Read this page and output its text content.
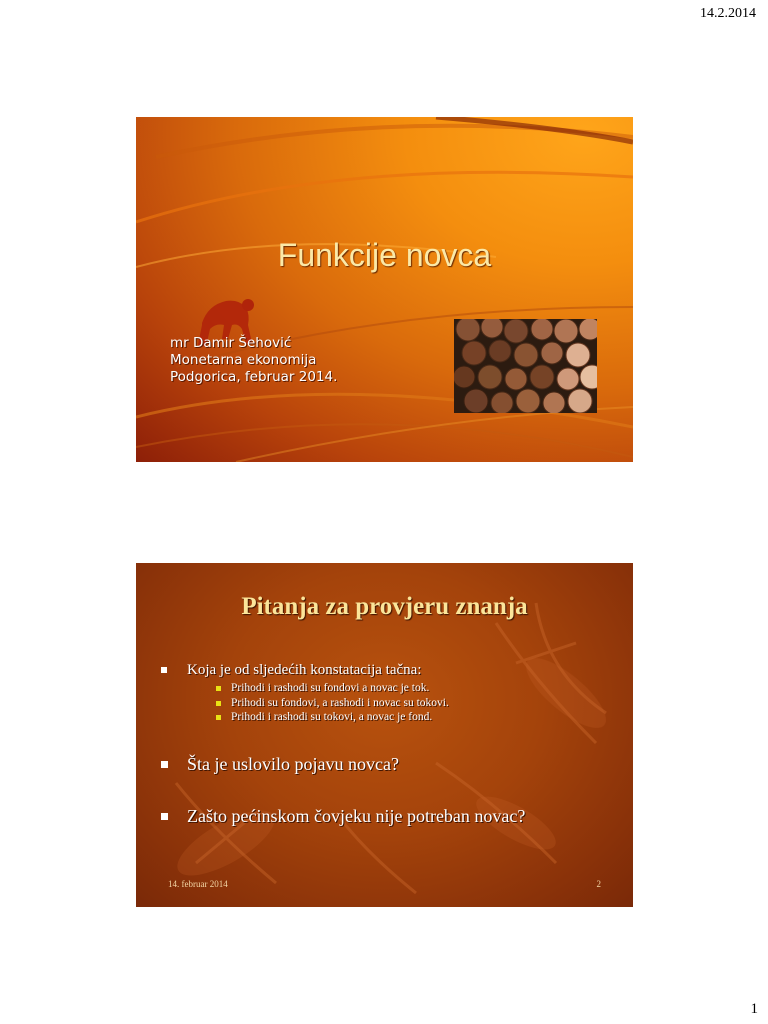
14.2.2014
Funkcije novca
mr Damir Šehović
Monetarna ekonomija
Podgorica, februar 2014.
Pitanja za provjeru znanja
Koja je od sljedećih konstatacija tačna:
Prihodi i rashodi su fondovi a novac je tok.
Prihodi su fondovi, a rashodi i novac su tokovi.
Prihodi i rashodi su tokovi, a novac je fond.
Šta je uslovilo pojavu novca?
Zašto pećinskom čovjeku nije potreban novac?
14. februar 2014	2
1
